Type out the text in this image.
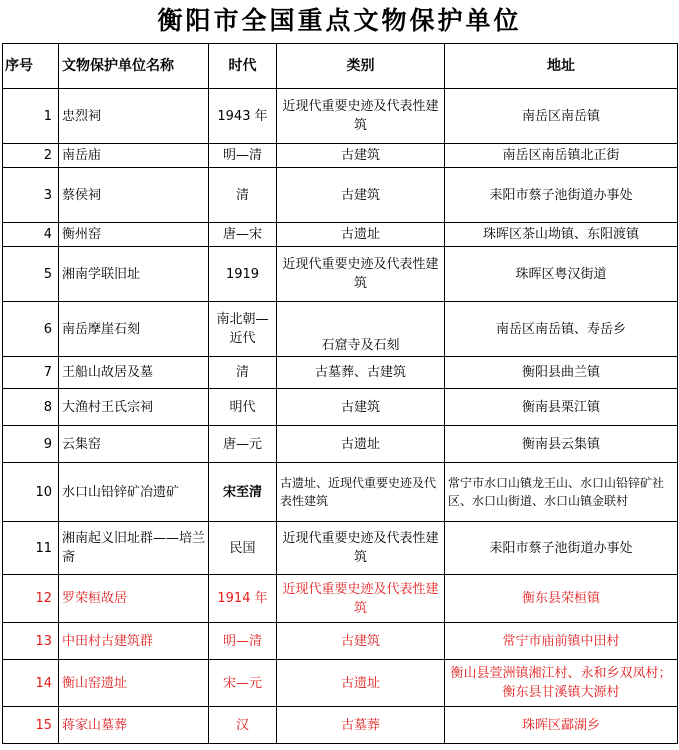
衡阳市全国重点文物保护单位
序号	文物保护单位名称	时代	类别	地址
1	忠烈祠	1943 年	近现代重要史迹及代表性建筑	南岳区南岳镇
2	南岳庙	明—清	古建筑	南岳区南岳镇北正街
3	蔡侯祠	清	古建筑	耒阳市蔡子池街道办事处
4	衡州窑	唐—宋	古遗址	珠晖区茶山坳镇、东阳渡镇
5	湘南学联旧址	1919	近现代重要史迹及代表性建筑	珠晖区粤汉街道
6	南岳摩崖石刻	南北朝—近代	石窟寺及石刻	南岳区南岳镇、寿岳乡
7	王船山故居及墓	清	古墓葬、古建筑	衡阳县曲兰镇
8	大渔村王氏宗祠	明代	古建筑	衡南县栗江镇
9	云集窑	唐—元	古遗址	衡南县云集镇
10	水口山铅锌矿冶遗矿	宋至清	古遗址、近现代重要史迹及代表性建筑	常宁市水口山镇龙王山、水口山铅锌矿社区、水口山街道、水口山镇金联村
11	湘南起义旧址群——培兰斋	民国	近现代重要史迹及代表性建筑	耒阳市蔡子池街道办事处
12	罗荣桓故居	1914 年	近现代重要史迹及代表性建筑	衡东县荣桓镇
13	中田村古建筑群	明—清	古建筑	常宁市庙前镇中田村
14	衡山窑遗址	宋—元	古遗址	衡山县萱洲镇湘江村、永和乡双凤村；衡东县甘溪镇大源村
15	蒋家山墓葬	汉	古墓葬	珠晖区酃湖乡
